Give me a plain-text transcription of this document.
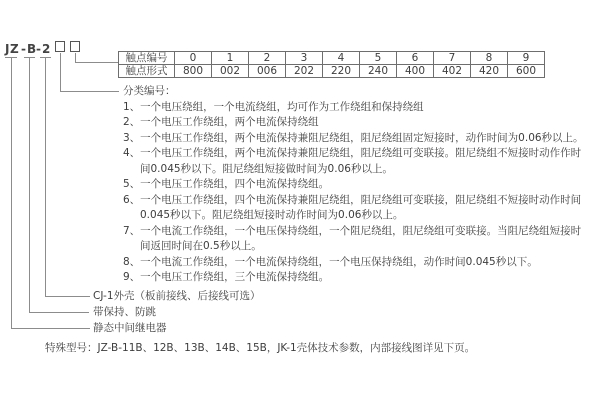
JZ - B - 2
触点编号	0	1	2	3	4	5	6	7	8	9
触点形式	800	002	006	202	220	240	400	402	420	600
分类编号：
1、一个电压绕组，一个电流绕组，均可作为工作绕组和保持绕组
2、一个电压工作绕组，两个电流保持绕组
3、一个电压工作绕组，两个电流保持兼阻尼绕组，阻尼绕组固定短接时，动作时间为0.06秒以上。
4、一个电压工作绕组，两个电流保持兼阻尼绕组，阻尼绕组可变联接。阻尼绕组不短接时动作作时
间0.045秒以下。阻尼绕组短接做时间为0.06秒以上。
5、一个电压工作绕组，四个电流保持绕组。
6、一个电压工作绕组，四个电流保持兼阻尼绕组，阻尼绕组可变联接，阻尼绕组不短接时动作时间
0.045秒以下。阻尼绕组短接时动作时间为0.06秒以上。
7、一个电流工作绕组，一个电压保持绕组，一个阻尼绕组，阻尼绕组可变联接。当阻尼绕组短接时
间返回时间在0.5秒以上。
8、一个电流工作绕组，一个电流保持绕组，一个电压保持绕组，动作时间0.045秒以下。
9、一个电压工作绕组，三个电流保持绕组。
CJ-1外壳（板前接线、后接线可选）
带保持、防跳
静态中间继电器
特殊型号：JZ-B-11B、12B、13B、14B、15B，JK-1壳体技术参数，内部接线图详见下页。
